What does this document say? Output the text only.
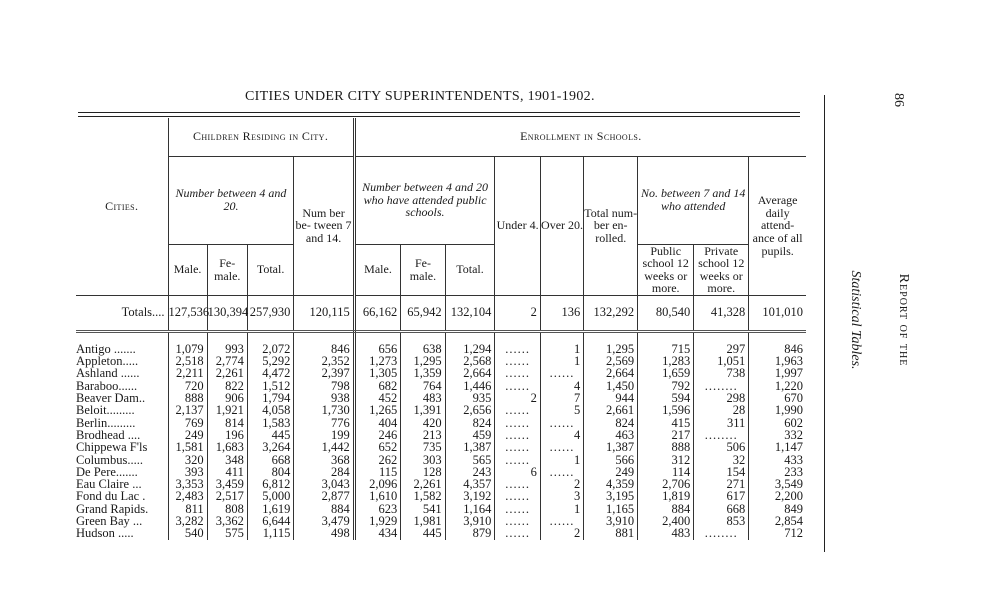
CITIES UNDER CITY SUPERINTENDENTS, 1901-1902.
Cities.	Children Residing in City.				Enrollment in Schools.								
	Number between 4 and 20.			Num ber be- tween 7 and 14.	Number between 4 and 20 who have attended public schools.			Under 4.	Over 20.	Total num- ber en- rolled.	No. between 7 and 14 who attended		Average daily attend- ance of all pupils.
	Male.	Fe- male.	Total.		Male.	Fe- male.	Total.				Public school 12 weeks or more.	Private school 12 weeks or more.	
Totals....	127,536	130,394	257,930	120,115	66,162	65,942	132,104	2	136	132,292	80,540	41,328	101,010

Antigo .......	1,079	993	2,072	846	656	638	1,294	......	1	1,295	715	297	846
Appleton.....	2,518	2,774	5,292	2,352	1,273	1,295	2,568	......	1	2,569	1,283	1,051	1,963
Ashland ......	2,211	2,261	4,472	2,397	1,305	1,359	2,664	......	......	2,664	1,659	738	1,997
Baraboo......	720	822	1,512	798	682	764	1,446	......	4	1,450	792	........	1,220
Beaver Dam..	888	906	1,794	938	452	483	935	2	7	944	594	298	670
Beloit.........	2,137	1,921	4,058	1,730	1,265	1,391	2,656	......	5	2,661	1,596	28	1,990
Berlin.........	769	814	1,583	776	404	420	824	......	......	824	415	311	602
Brodhead ....	249	196	445	199	246	213	459	......	4	463	217	........	332
Chippewa F'ls	1,581	1,683	3,264	1,442	652	735	1,387	......	......	1,387	888	506	1,147
Columbus.....	320	348	668	368	262	303	565	......	1	566	312	32	433
De Pere.......	393	411	804	284	115	128	243	6	......	249	114	154	233
Eau Claire ...	3,353	3,459	6,812	3,043	2,096	2,261	4,357	......	2	4,359	2,706	271	3,549
Fond du Lac .	2,483	2,517	5,000	2,877	1,610	1,582	3,192	......	3	3,195	1,819	617	2,200
Grand Rapids.	811	808	1,619	884	623	541	1,164	......	1	1,165	884	668	849
Green Bay ...	3,282	3,362	6,644	3,479	1,929	1,981	3,910	......	......	3,910	2,400	853	2,854
Hudson .....	540	575	1,115	498	434	445	879	......	2	881	483	........	712
Statistical Tables. Report of the
86
